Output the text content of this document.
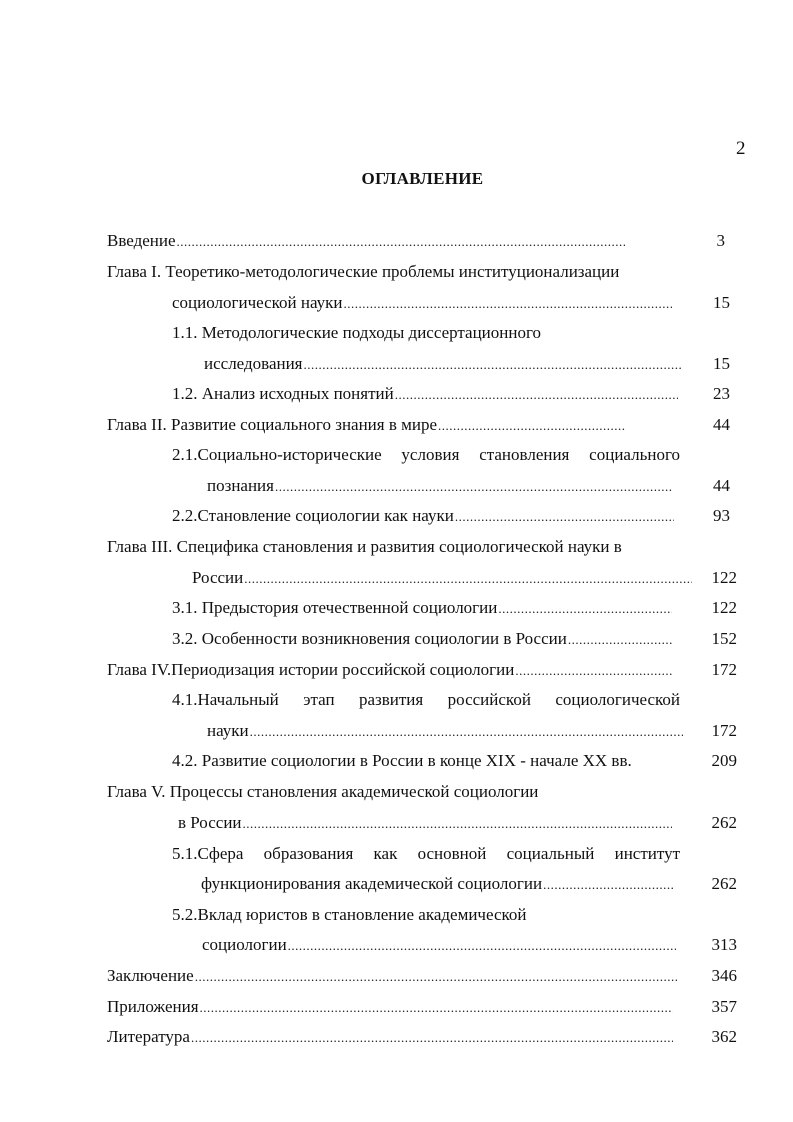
2
ОГЛАВЛЕНИЕ
Введение .....	3
Глава I. Теоретико-методологические проблемы институционализации
социологической науки .....	15
1.1. Методологические подходы диссертационного
исследования .....	15
1.2. Анализ исходных понятий .....	23
Глава II. Развитие социального знания в мире .....	44
2.1.Социально-исторические условия становления социального
познания .....	44
2.2.Становление социологии как науки .....	93
Глава III. Специфика становления и развития социологической науки в
России .....	122
3.1. Предыстория отечественной социологии .....	122
3.2. Особенности возникновения социологии в России .....	152
Глава IV.Периодизация истории российской социологии .....	172
4.1.Начальный этап развития российской социологической
науки .....	172
4.2. Развитие социологии в России в конце XIX - начале XX вв.	209
Глава V. Процессы становления академической социологии
в России .....	262
5.1.Сфера образования как основной социальный институт
функционирования академической социологии .....	262
5.2.Вклад юристов в становление академической
социологии .....	313
Заключение .....	346
Приложения .....	357
Литература .....	362
